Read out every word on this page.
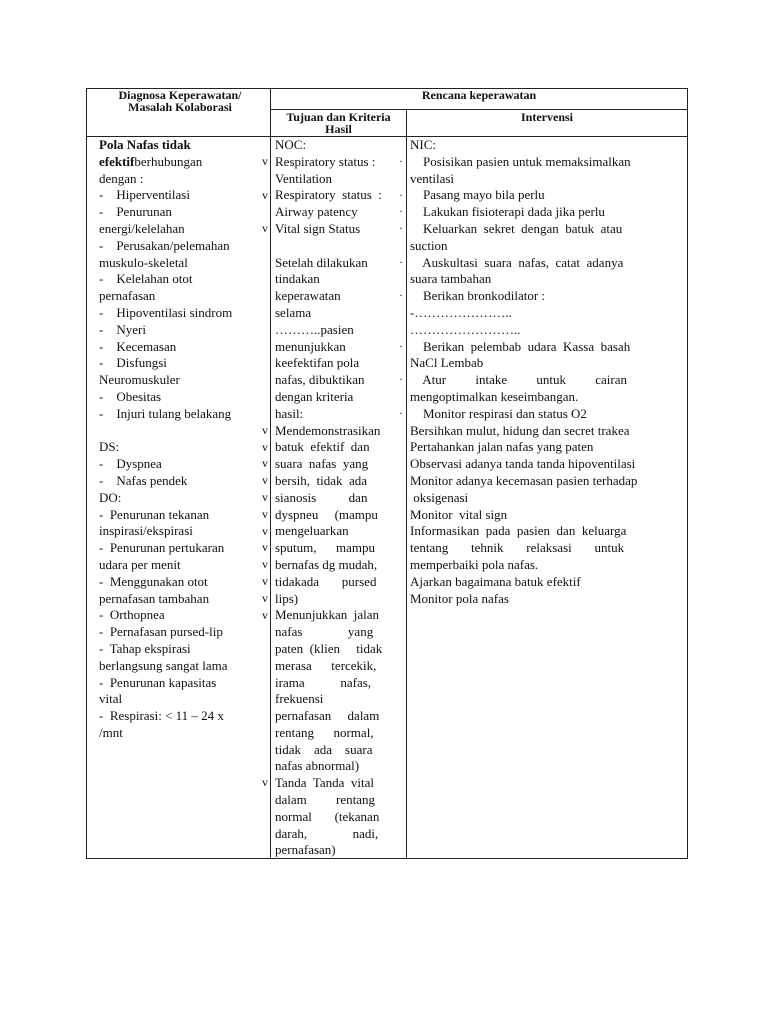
Diagnosa Keperawatan/
Masalah Kolaborasi
Rencana keperawatan
Tujuan dan Kriteria
Hasil
Intervensi
Pola Nafas tidak
efektifberhubungan
dengan :
-    Hiperventilasi
-    Penurunan
energi/kelelahan
-    Perusakan/pelemahan
muskulo-skeletal
-    Kelelahan otot
pernafasan
-    Hipoventilasi sindrom
-    Nyeri
-    Kecemasan
-    Disfungsi
Neuromuskuler
-    Obesitas
-    Injuri tulang belakang
DS:
-    Dyspnea
-    Nafas pendek
DO:
-  Penurunan tekanan
inspirasi/ekspirasi
-  Penurunan pertukaran
udara per menit
-  Menggunakan otot
pernafasan tambahan
-  Orthopnea
-  Pernafasan pursed-lip
-  Tahap ekspirasi
berlangsung sangat lama
-  Penurunan kapasitas
vital
-  Respirasi: < 11 – 24 x
/mnt
v
v
v
v
v
v
v
v
v
v
v
v
v
v
v
v
NOC:
Respiratory status :
Ventilation
Respiratory  status  :
Airway patency
Vital sign Status
Setelah dilakukan
tindakan
keperawatan
selama
………..pasien
menunjukkan
keefektifan pola
nafas, dibuktikan
dengan kriteria
hasil:
Mendemonstrasikan
batuk  efektif  dan
suara  nafas  yang
bersih,  tidak  ada
sianosis          dan
dyspneu     (mampu
mengeluarkan
sputum,      mampu
bernafas dg mudah,
tidakada       pursed
lips)
Menunjukkan  jalan
nafas              yang
paten  (klien     tidak
merasa      tercekik,
irama           nafas,
frekuensi
pernafasan     dalam
rentang      normal,
tidak    ada    suara
nafas abnormal)
Tanda  Tanda  vital
dalam         rentang
normal       (tekanan
darah,              nadi,
pernafasan)
·
·
·
·
·
·
·
·
·
NIC:
Posisikan pasien untuk memaksimalkan
ventilasi
Pasang mayo bila perlu
Lakukan fisioterapi dada jika perlu
Keluarkan  sekret  dengan  batuk  atau
suction
Auskultasi  suara  nafas,  catat  adanya
suara tambahan
Berikan bronkodilator :
-…………………..
……………………..
Berikan  pelembab  udara  Kassa  basah
NaCl Lembab
Atur         intake         untuk         cairan
mengoptimalkan keseimbangan.
Monitor respirasi dan status O2
Bersihkan mulut, hidung dan secret trakea
Pertahankan jalan nafas yang paten
Observasi adanya tanda tanda hipoventilasi
Monitor adanya kecemasan pasien terhadap
oksigenasi
Monitor  vital sign
Informasikan  pada  pasien  dan  keluarga
tentang       tehnik       relaksasi       untuk
memperbaiki pola nafas.
Ajarkan bagaimana batuk efektif
Monitor pola nafas
